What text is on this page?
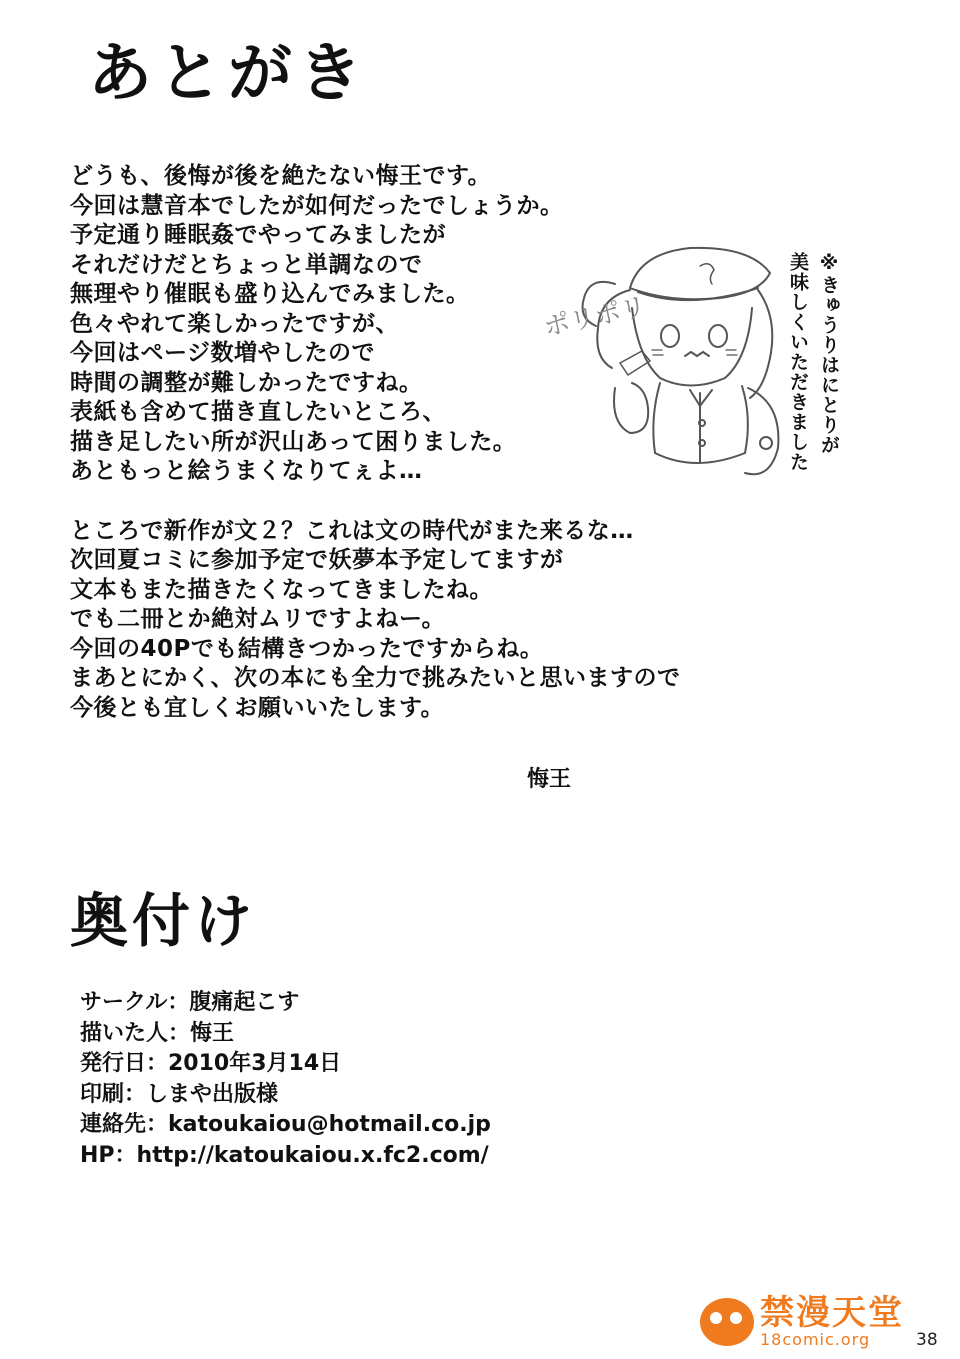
あとがき
どうも、後悔が後を絶たない悔王です。
今回は慧音本でしたが如何だったでしょうか。
予定通り睡眠姦でやってみましたが
それだけだとちょっと単調なので
無理やり催眠も盛り込んでみました。
色々やれて楽しかったですが、
今回はページ数増やしたので
時間の調整が難しかったですね。
表紙も含めて描き直したいところ、
描き足したい所が沢山あって困りました。
あともっと絵うまくなりてぇよ…
ところで新作が文２？これは文の時代がまた来るな…
次回夏コミに参加予定で妖夢本予定してますが
文本もまた描きたくなってきましたね。
でも二冊とか絶対ムリですよねー。
今回の40Pでも結構きつかったですからね。
まあとにかく、次の本にも全力で挑みたいと思いますので
今後とも宜しくお願いいたします。
悔王
ポリポリ	※きゅうりはにとりが
美味しくいただきました
奥付け
サークル：腹痛起こす
描いた人：悔王
発行日：2010年3月14日
印刷：しまや出版様
連絡先：katoukaiou@hotmail.co.jp
HP：http://katoukaiou.x.fc2.com/
禁漫天堂
18comic.org	38
